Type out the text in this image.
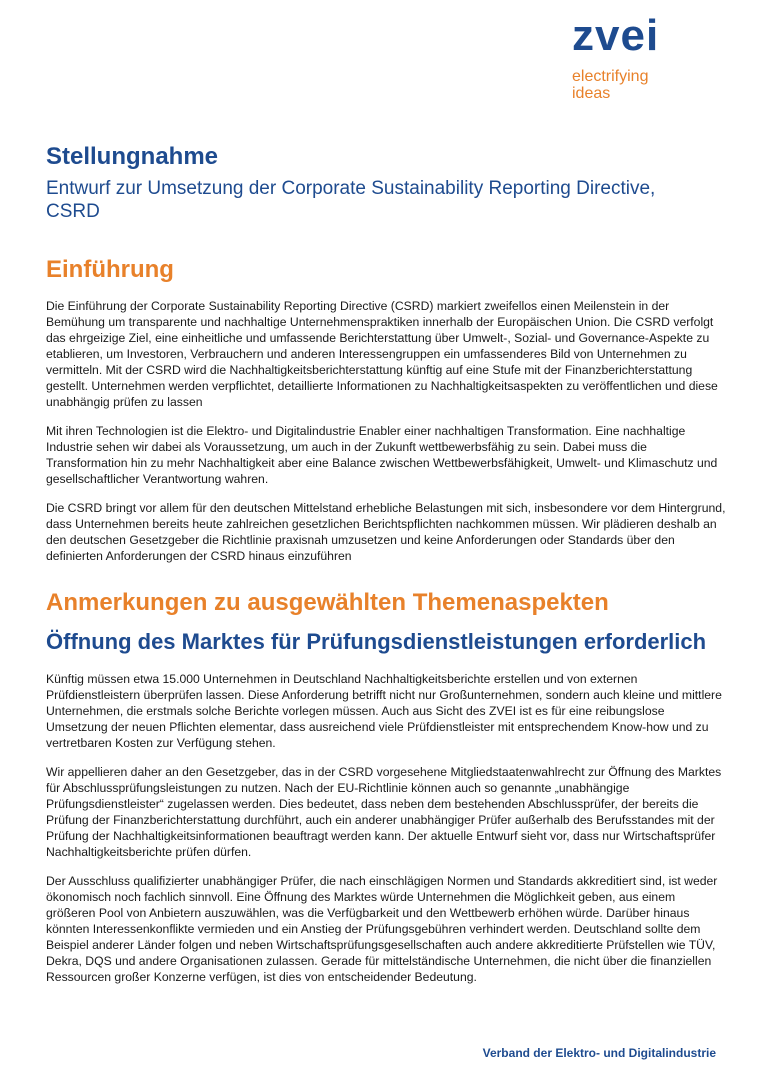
zvei
electrifying
ideas
Stellungnahme
Entwurf zur Umsetzung der Corporate Sustainability Reporting Directive, CSRD
Einführung

Die Einführung der Corporate Sustainability Reporting Directive (CSRD) markiert zweifellos einen Meilenstein in der Bemühung um transparente und nachhaltige Unternehmenspraktiken innerhalb der Europäischen Union. Die CSRD verfolgt das ehrgeizige Ziel, eine einheitliche und umfassende Berichterstattung über Umwelt-, Sozial- und Governance-Aspekte zu etablieren, um Investoren, Verbrauchern und anderen Interessengruppen ein umfassenderes Bild von Unternehmen zu vermitteln. Mit der CSRD wird die Nachhaltigkeitsberichterstattung künftig auf eine Stufe mit der Finanzberichterstattung gestellt. Unternehmen werden verpflichtet, detaillierte Informationen zu Nachhaltigkeitsaspekten zu veröffentlichen und diese unabhängig prüfen zu lassen

Mit ihren Technologien ist die Elektro- und Digitalindustrie Enabler einer nachhaltigen Transformation. Eine nachhaltige Industrie sehen wir dabei als Voraussetzung, um auch in der Zukunft wettbewerbsfähig zu sein. Dabei muss die Transformation hin zu mehr Nachhaltigkeit aber eine Balance zwischen Wettbewerbsfähigkeit, Umwelt- und Klimaschutz und gesellschaftlicher Verantwortung wahren.

Die CSRD bringt vor allem für den deutschen Mittelstand erhebliche Belastungen mit sich, insbesondere vor dem Hintergrund, dass Unternehmen bereits heute zahlreichen gesetzlichen Berichtspflichten nachkommen müssen. Wir plädieren deshalb an den deutschen Gesetzgeber die Richtlinie praxisnah umzusetzen und keine Anforderungen oder Standards über den definierten Anforderungen der CSRD hinaus einzuführen

Anmerkungen zu ausgewählten Themenaspekten
Öffnung des Marktes für Prüfungsdienstleistungen erforderlich

Künftig müssen etwa 15.000 Unternehmen in Deutschland Nachhaltigkeitsberichte erstellen und von externen Prüfdienstleistern überprüfen lassen. Diese Anforderung betrifft nicht nur Großunternehmen, sondern auch kleine und mittlere Unternehmen, die erstmals solche Berichte vorlegen müssen. Auch aus Sicht des ZVEI ist es für eine reibungslose Umsetzung der neuen Pflichten elementar, dass ausreichend viele Prüfdienstleister mit entsprechendem Know-how und zu vertretbaren Kosten zur Verfügung stehen.

Wir appellieren daher an den Gesetzgeber, das in der CSRD vorgesehene Mitgliedstaatenwahlrecht zur Öffnung des Marktes für Abschlussprüfungsleistungen zu nutzen. Nach der EU-Richtlinie können auch so genannte „unabhängige Prüfungsdienstleister“ zugelassen werden. Dies bedeutet, dass neben dem bestehenden Abschlussprüfer, der bereits die Prüfung der Finanzberichterstattung durchführt, auch ein anderer unabhängiger Prüfer außerhalb des Berufsstandes mit der Prüfung der Nachhaltigkeitsinformationen beauftragt werden kann. Der aktuelle Entwurf sieht vor, dass nur Wirtschaftsprüfer Nachhaltigkeitsberichte prüfen dürfen.

Der Ausschluss qualifizierter unabhängiger Prüfer, die nach einschlägigen Normen und Standards akkreditiert sind, ist weder ökonomisch noch fachlich sinnvoll. Eine Öffnung des Marktes würde Unternehmen die Möglichkeit geben, aus einem größeren Pool von Anbietern auszuwählen, was die Verfügbarkeit und den Wettbewerb erhöhen würde. Darüber hinaus könnten Interessenkonflikte vermieden und ein Anstieg der Prüfungsgebühren verhindert werden. Deutschland sollte dem Beispiel anderer Länder folgen und neben Wirtschaftsprüfungsgesellschaften auch andere akkreditierte Prüfstellen wie TÜV, Dekra, DQS und andere Organisationen zulassen. Gerade für mittelständische Unternehmen, die nicht über die finanziellen Ressourcen großer Konzerne verfügen, ist dies von entscheidender Bedeutung.

Verband der Elektro- und Digitalindustrie
